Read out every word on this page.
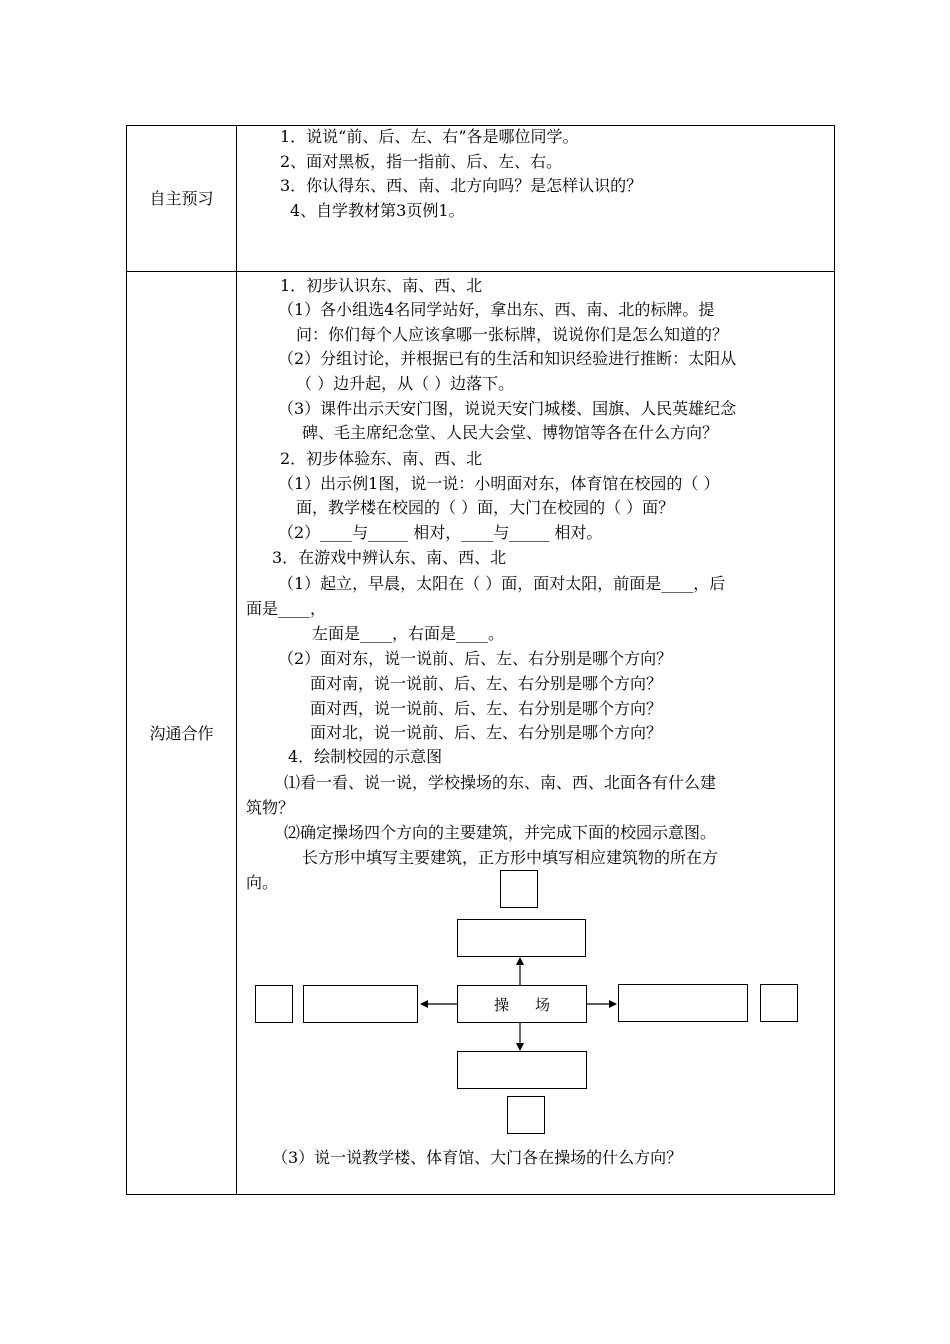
自主预习
1．说说“前、后、左、右”各是哪位同学。
2、面对黑板，指一指前、后、左、右。
3．你认得东、西、南、北方向吗？是怎样认识的？
4、自学教材第3页例1。
沟通合作
1．初步认识东、南、西、北
（1）各小组选4名同学站好，拿出东、西、南、北的标牌。提
问：你们每个人应该拿哪一张标牌，说说你们是怎么知道的？
（2）分组讨论，并根据已有的生活和知识经验进行推断：太阳从
（ ）边升起，从（ ）边落下。
（3）课件出示天安门图，说说天安门城楼、国旗、人民英雄纪念
碑、毛主席纪念堂、人民大会堂、博物馆等各在什么方向？
2．初步体验东、南、西、北
（1）出示例1图，说一说：小明面对东，体育馆在校园的（ ）
面，教学楼在校园的（ ）面，大门在校园的（ ）面？
（2）____与_____ 相对，____与_____ 相对。
3．在游戏中辨认东、南、西、北
（1）起立，早晨，太阳在（ ）面，面对太阳，前面是____，后
面是____，
左面是____，右面是____。
（2）面对东，说一说前、后、左、右分别是哪个方向？
面对南，说一说前、后、左、右分别是哪个方向？
面对西，说一说前、后、左、右分别是哪个方向？
面对北，说一说前、后、左、右分别是哪个方向？
4．绘制校园的示意图
⑴看一看、说一说，学校操场的东、南、西、北面各有什么建
筑物？
⑵确定操场四个方向的主要建筑，并完成下面的校园示意图。
长方形中填写主要建筑，正方形中填写相应建筑物的所在方
向。
操场
（3）说一说教学楼、体育馆、大门各在操场的什么方向？
